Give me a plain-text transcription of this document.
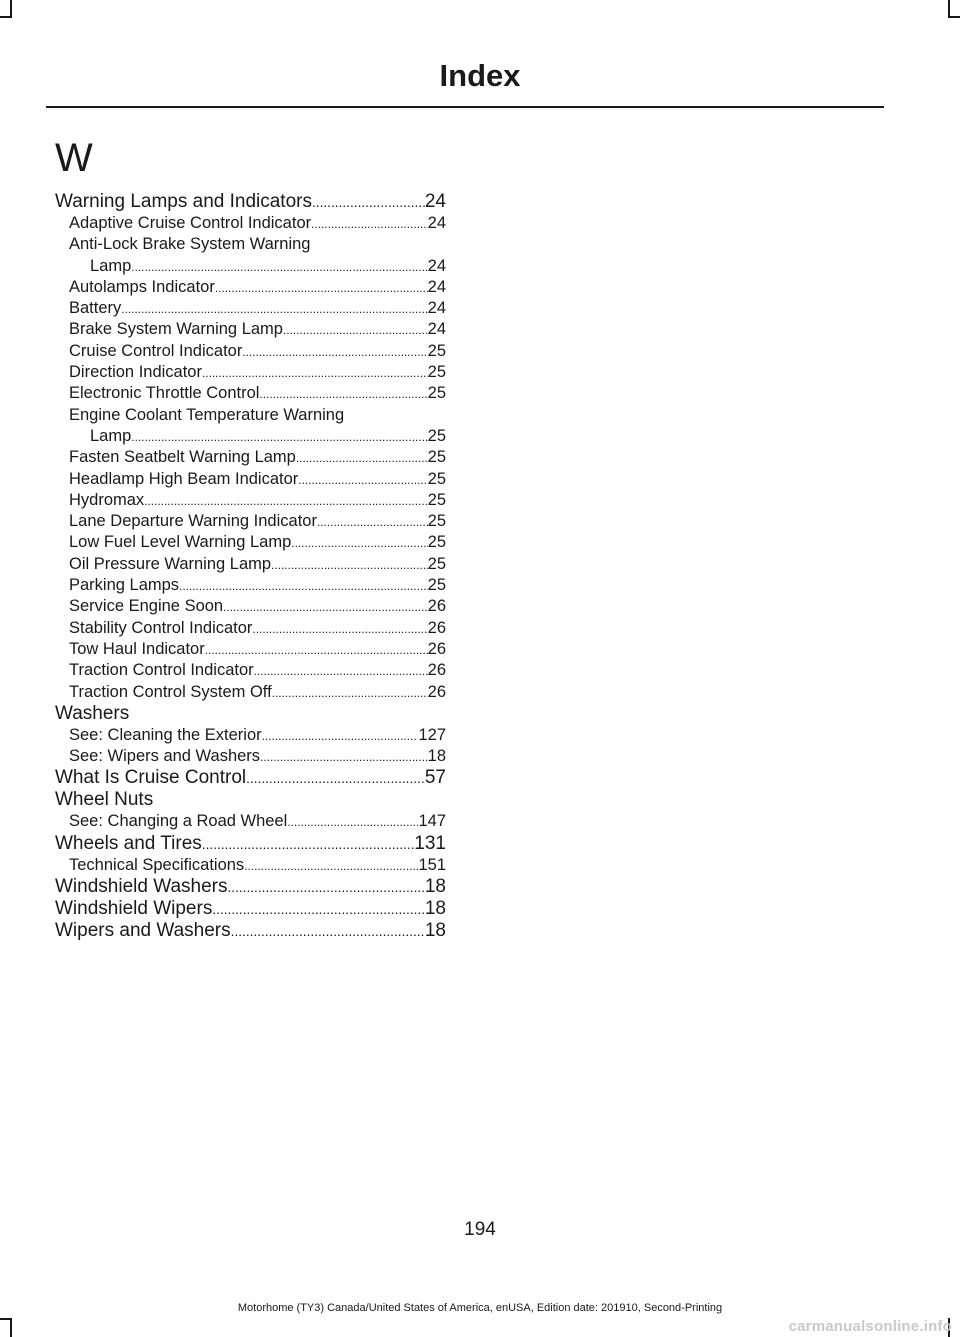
Index
W
Warning Lamps and Indicators .....	24
Adaptive Cruise Control Indicator .....	24
Anti-Lock Brake System Warning
Lamp .....	24
Autolamps Indicator .....	24
Battery .....	24
Brake System Warning Lamp .....	24
Cruise Control Indicator .....	25
Direction Indicator .....	25
Electronic Throttle Control .....	25
Engine Coolant Temperature Warning
Lamp .....	25
Fasten Seatbelt Warning Lamp .....	25
Headlamp High Beam Indicator .....	25
Hydromax .....	25
Lane Departure Warning Indicator .....	25
Low Fuel Level Warning Lamp .....	25
Oil Pressure Warning Lamp .....	25
Parking Lamps .....	25
Service Engine Soon .....	26
Stability Control Indicator .....	26
Tow Haul Indicator .....	26
Traction Control Indicator .....	26
Traction Control System Off .....	26
Washers
See: Cleaning the Exterior .....	127
See: Wipers and Washers .....	18
What Is Cruise Control .....	57
Wheel Nuts
See: Changing a Road Wheel .....	147
Wheels and Tires .....	131
Technical Specifications .....	151
Windshield Washers .....	18
Windshield Wipers .....	18
Wipers and Washers .....	18
194
Motorhome (TY3) Canada/United States of America, enUSA, Edition date: 201910, Second-Printing
carmanualsonline.info
